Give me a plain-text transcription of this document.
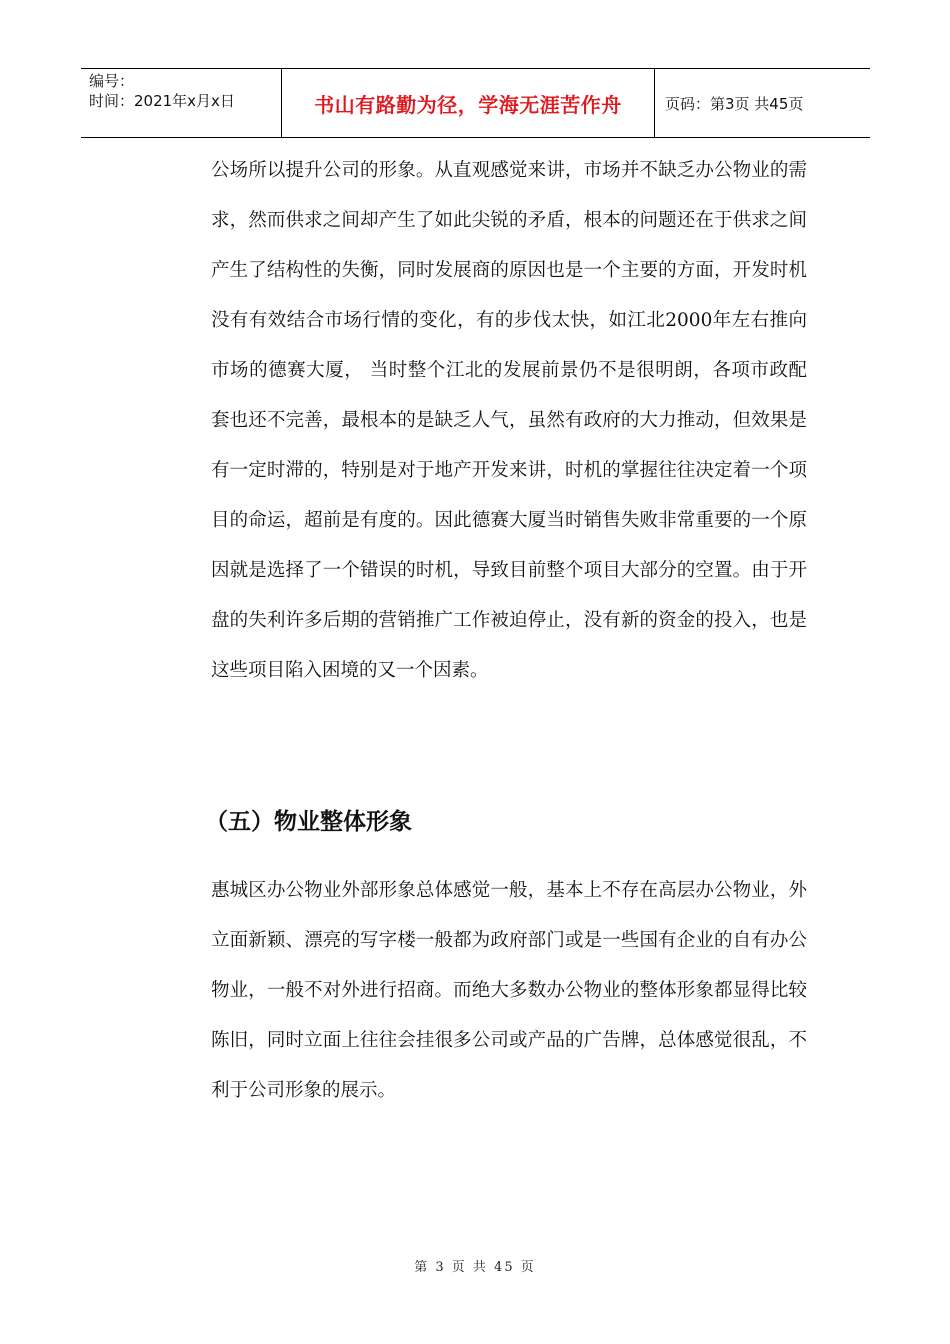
编号：
时间：2021年x月x日	书山有路勤为径，学海无涯苦作舟	页码：第3页 共45页

公场所以提升公司的形象。从直观感觉来讲，市场并不缺乏办公物业的需求，然而供求之间却产生了如此尖锐的矛盾，根本的问题还在于供求之间产生了结构性的失衡，同时发展商的原因也是一个主要的方面，开发时机没有有效结合市场行情的变化，有的步伐太快，如江北2000年左右推向市场的德赛大厦， 当时整个江北的发展前景仍不是很明朗，各项市政配套也还不完善，最根本的是缺乏人气，虽然有政府的大力推动，但效果是有一定时滞的，特别是对于地产开发来讲，时机的掌握往往决定着一个项目的命运，超前是有度的。因此德赛大厦当时销售失败非常重要的一个原因就是选择了一个错误的时机，导致目前整个项目大部分的空置。由于开盘的失利许多后期的营销推广工作被迫停止，没有新的资金的投入，也是这些项目陷入困境的又一个因素。

（五）物业整体形象

惠城区办公物业外部形象总体感觉一般，基本上不存在高层办公物业，外立面新颖、漂亮的写字楼一般都为政府部门或是一些国有企业的自有办公物业，一般不对外进行招商。而绝大多数办公物业的整体形象都显得比较陈旧，同时立面上往往会挂很多公司或产品的广告牌，总体感觉很乱，不利于公司形象的展示。

第 3 页 共 45 页
